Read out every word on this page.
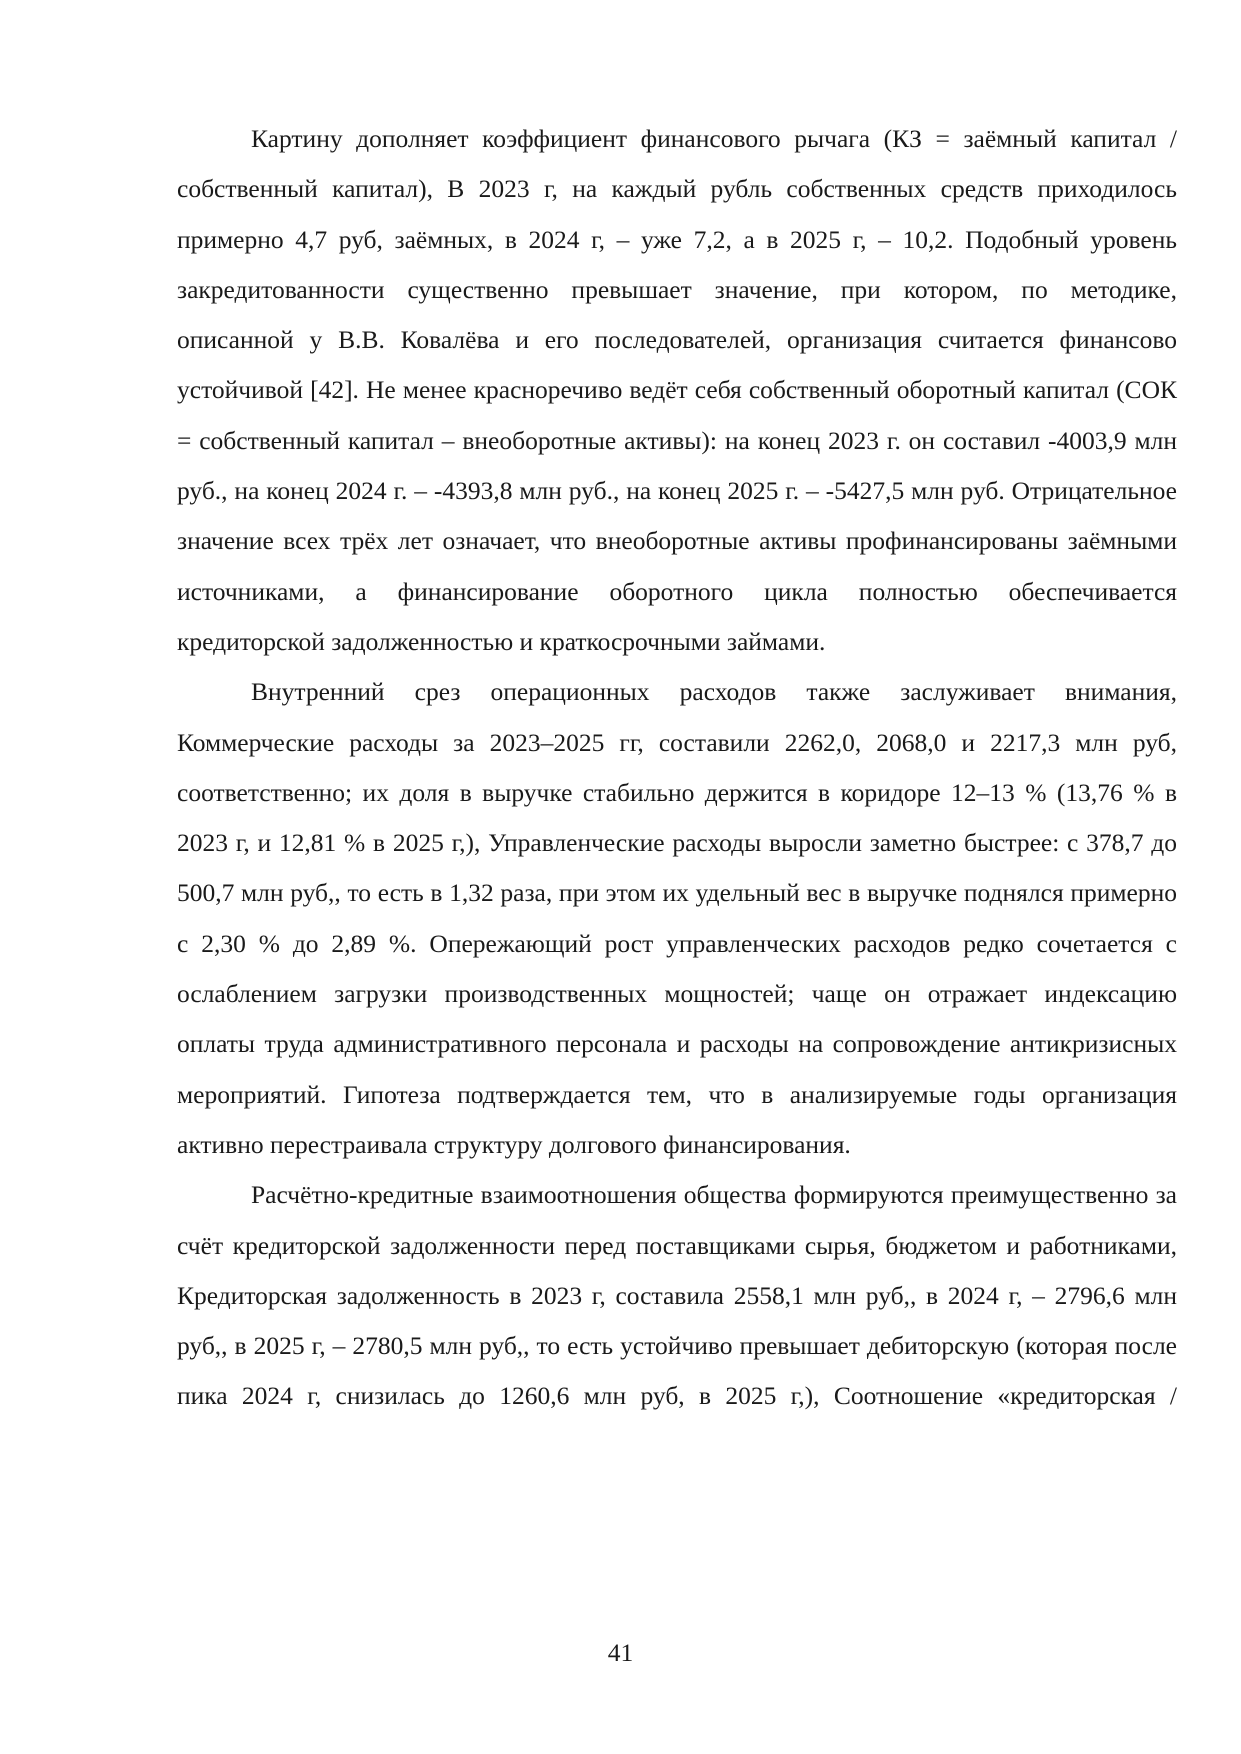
Картину дополняет коэффициент финансового рычага (КЗ = заёмный капитал / собственный капитал), В 2023 г, на каждый рубль собственных средств приходилось примерно 4,7 руб, заёмных, в 2024 г, – уже 7,2, а в 2025 г, – 10,2. Подобный уровень закредитованности существенно превышает значение, при котором, по методике, описанной у В.В. Ковалёва и его последователей, организация считается финансово устойчивой [42]. Не менее красноречиво ведёт себя собственный оборотный капитал (СОК = собственный капитал – внеоборотные активы): на конец 2023 г. он составил -4003,9 млн руб., на конец 2024 г. – -4393,8 млн руб., на конец 2025 г. – -5427,5 млн руб. Отрицательное значение всех трёх лет означает, что внеоборотные активы профинансированы заёмными источниками, а финансирование оборотного цикла полностью обеспечивается кредиторской задолженностью и краткосрочными займами.

Внутренний срез операционных расходов также заслуживает внимания, Коммерческие расходы за 2023–2025 гг, составили 2262,0, 2068,0 и 2217,3 млн руб, соответственно; их доля в выручке стабильно держится в коридоре 12–13 % (13,76 % в 2023 г, и 12,81 % в 2025 г,), Управленческие расходы выросли заметно быстрее: с 378,7 до 500,7 млн руб,, то есть в 1,32 раза, при этом их удельный вес в выручке поднялся примерно с 2,30 % до 2,89 %. Опережающий рост управленческих расходов редко сочетается с ослаблением загрузки производственных мощностей; чаще он отражает индексацию оплаты труда административного персонала и расходы на сопровождение антикризисных мероприятий. Гипотеза подтверждается тем, что в анализируемые годы организация активно перестраивала структуру долгового финансирования.

Расчётно-кредитные взаимоотношения общества формируются преимущественно за счёт кредиторской задолженности перед поставщиками сырья, бюджетом и работниками, Кредиторская задолженность в 2023 г, составила 2558,1 млн руб,, в 2024 г, – 2796,6 млн руб,, в 2025 г, – 2780,5 млн руб,, то есть устойчиво превышает дебиторскую (которая после пика 2024 г, снизилась до 1260,6 млн руб, в 2025 г,), Соотношение «кредиторская /

41
